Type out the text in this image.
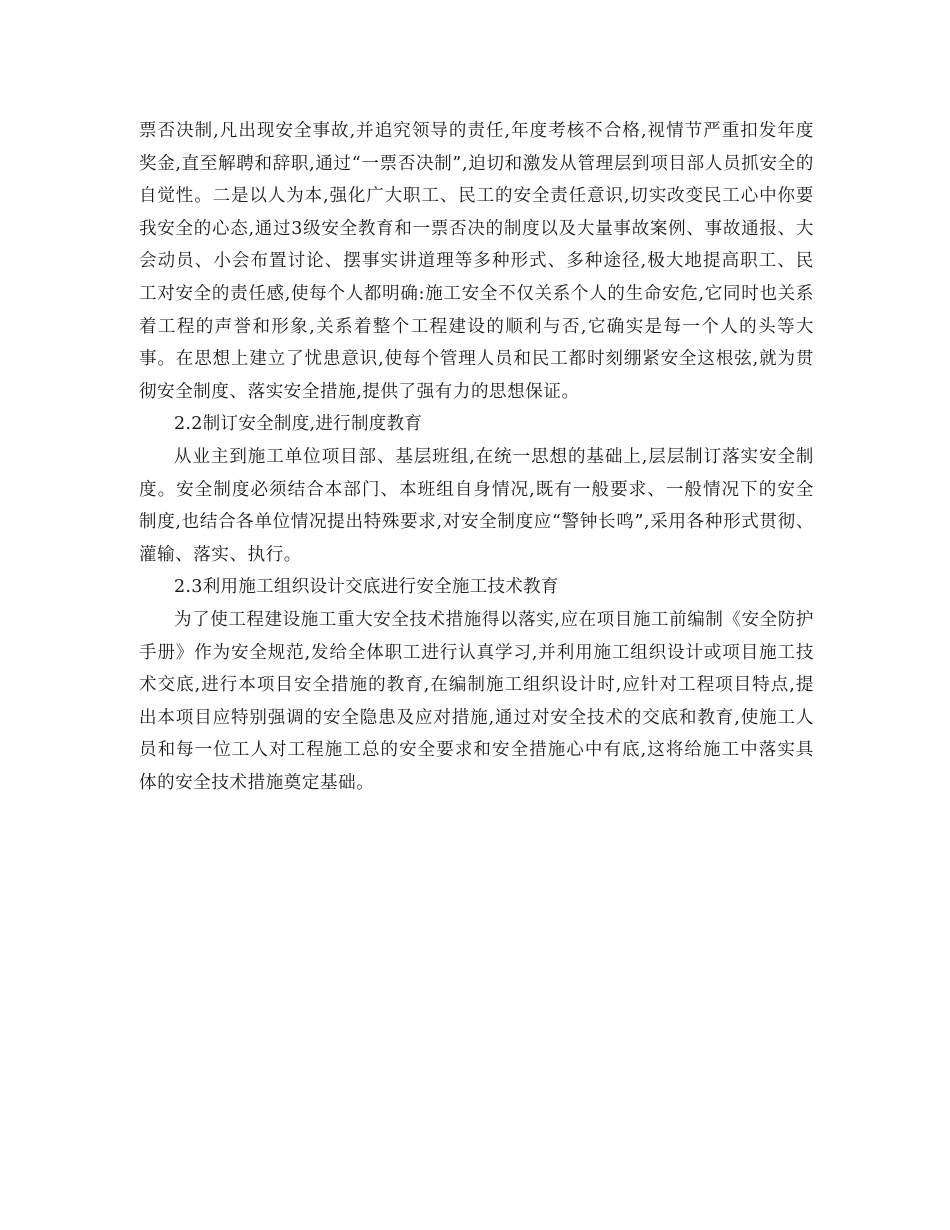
票否决制,凡出现安全事故,并追究领导的责任,年度考核不合格,视情节严重扣发年度奖金,直至解聘和辞职,通过“一票否决制”,迫切和激发从管理层到项目部人员抓安全的自觉性。二是以人为本,强化广大职工、民工的安全责任意识,切实改变民工心中你要我安全的心态,通过3级安全教育和一票否决的制度以及大量事故案例、事故通报、大会动员、小会布置讨论、摆事实讲道理等多种形式、多种途径,极大地提高职工、民工对安全的责任感,使每个人都明确:施工安全不仅关系个人的生命安危,它同时也关系着工程的声誉和形象,关系着整个工程建设的顺利与否,它确实是每一个人的头等大事。在思想上建立了忧患意识,使每个管理人员和民工都时刻绷紧安全这根弦,就为贯彻安全制度、落实安全措施,提供了强有力的思想保证。

2.2制订安全制度,进行制度教育

从业主到施工单位项目部、基层班组,在统一思想的基础上,层层制订落实安全制度。安全制度必须结合本部门、本班组自身情况,既有一般要求、一般情况下的安全制度,也结合各单位情况提出特殊要求,对安全制度应“警钟长鸣”,采用各种形式贯彻、灌输、落实、执行。

2.3利用施工组织设计交底进行安全施工技术教育

为了使工程建设施工重大安全技术措施得以落实,应在项目施工前编制《安全防护手册》作为安全规范,发给全体职工进行认真学习,并利用施工组织设计或项目施工技术交底,进行本项目安全措施的教育,在编制施工组织设计时,应针对工程项目特点,提出本项目应特别强调的安全隐患及应对措施,通过对安全技术的交底和教育,使施工人员和每一位工人对工程施工总的安全要求和安全措施心中有底,这将给施工中落实具体的安全技术措施奠定基础。
